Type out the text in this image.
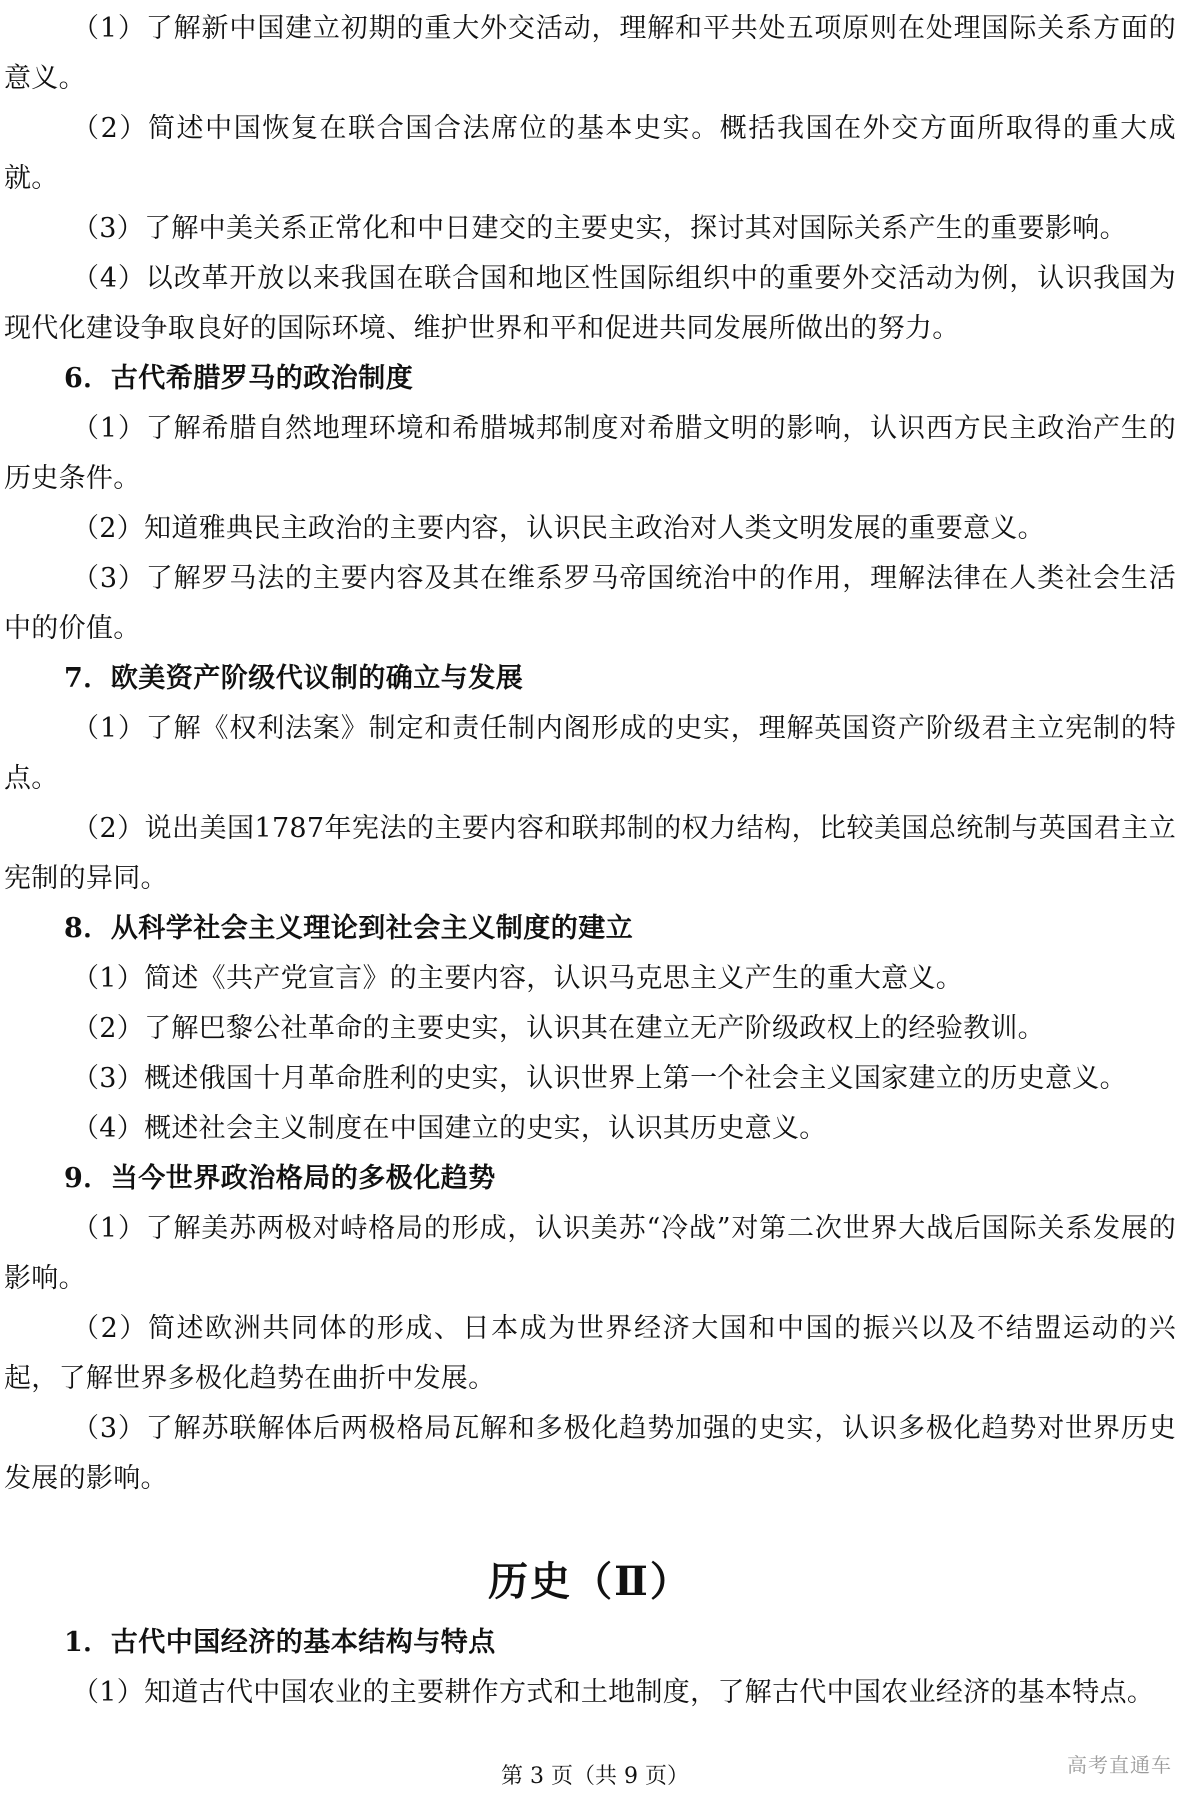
（1）了解新中国建立初期的重大外交活动，理解和平共处五项原则在处理国际关系方面的意义。

（2）简述中国恢复在联合国合法席位的基本史实。概括我国在外交方面所取得的重大成就。

（3）了解中美关系正常化和中日建交的主要史实，探讨其对国际关系产生的重要影响。

（4）以改革开放以来我国在联合国和地区性国际组织中的重要外交活动为例，认识我国为现代化建设争取良好的国际环境、维护世界和平和促进共同发展所做出的努力。

6．古代希腊罗马的政治制度

（1）了解希腊自然地理环境和希腊城邦制度对希腊文明的影响，认识西方民主政治产生的历史条件。

（2）知道雅典民主政治的主要内容，认识民主政治对人类文明发展的重要意义。

（3）了解罗马法的主要内容及其在维系罗马帝国统治中的作用，理解法律在人类社会生活中的价值。

7．欧美资产阶级代议制的确立与发展

（1）了解《权利法案》制定和责任制内阁形成的史实，理解英国资产阶级君主立宪制的特点。

（2）说出美国1787年宪法的主要内容和联邦制的权力结构，比较美国总统制与英国君主立宪制的异同。

8．从科学社会主义理论到社会主义制度的建立

（1）简述《共产党宣言》的主要内容，认识马克思主义产生的重大意义。

（2）了解巴黎公社革命的主要史实，认识其在建立无产阶级政权上的经验教训。

（3）概述俄国十月革命胜利的史实，认识世界上第一个社会主义国家建立的历史意义。

（4）概述社会主义制度在中国建立的史实，认识其历史意义。

9．当今世界政治格局的多极化趋势

（1）了解美苏两极对峙格局的形成，认识美苏“冷战”对第二次世界大战后国际关系发展的影响。

（2）简述欧洲共同体的形成、日本成为世界经济大国和中国的振兴以及不结盟运动的兴起，了解世界多极化趋势在曲折中发展。

（3）了解苏联解体后两极格局瓦解和多极化趋势加强的史实，认识多极化趋势对世界历史发展的影响。

历史（Ⅱ）
1．古代中国经济的基本结构与特点

（1）知道古代中国农业的主要耕作方式和土地制度，了解古代中国农业经济的基本特点。

第 3 页（共 9 页）	高考直通车
